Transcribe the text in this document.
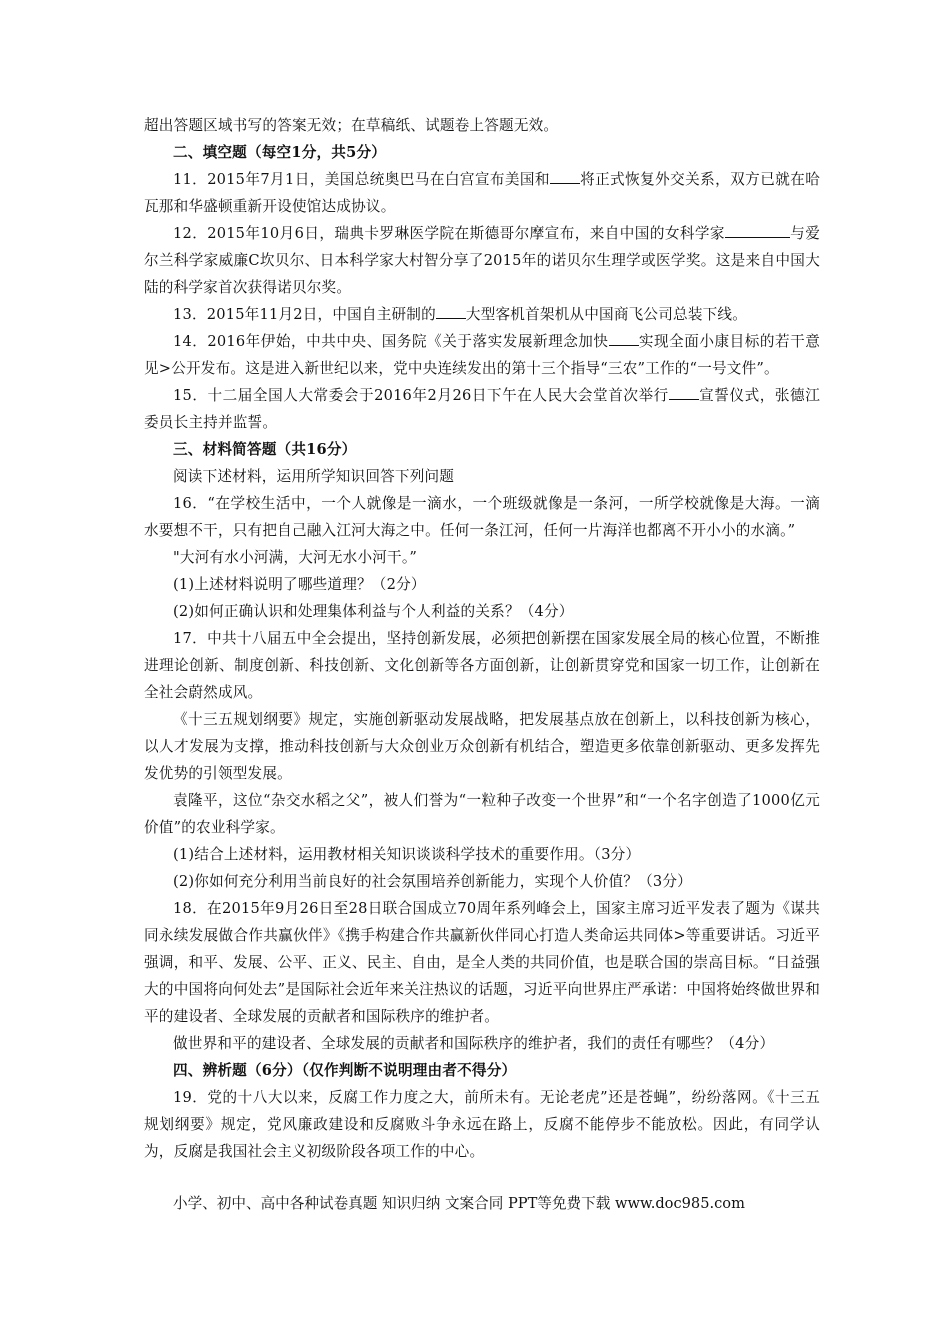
超出答题区域书写的答案无效；在草稿纸、试题卷上答题无效。

二、填空题（每空1分，共5分）

11．2015年7月1日，美国总统奥巴马在白宫宣布美国和 将正式恢复外交关系，双方已就在哈瓦那和华盛顿重新开设使馆达成协议。

12．2015年10月6日，瑞典卡罗琳医学院在斯德哥尔摩宣布，来自中国的女科学家	与爱尔兰科学家威廉C坎贝尔、日本科学家大村智分享了2015年的诺贝尔生理学或医学奖。这是来自中国大陆的科学家首次获得诺贝尔奖。

13．2015年11月2日，中国自主研制的 大型客机首架机从中国商飞公司总装下线。

14．2016年伊始，中共中央、国务院《关于落实发展新理念加快 实现全面小康目标的若干意见>公开发布。这是进入新世纪以来，党中央连续发出的第十三个指导“三农”工作的“一号文件”。

15．十二届全国人大常委会于2016年2月26日下午在人民大会堂首次举行 宣誓仪式，张德江委员长主持并监誓。

三、材料简答题（共16分）

阅读下述材料，运用所学知识回答下列问题

16．“在学校生活中，一个人就像是一滴水，一个班级就像是一条河，一所学校就像是大海。一滴水要想不干，只有把自己融入江河大海之中。任何一条江河，任何一片海洋也都离不开小小的水滴。”

"大河有水小河满，大河无水小河干。”

(1)上述材料说明了哪些道理？（2分）

(2)如何正确认识和处理集体利益与个人利益的关系？（4分）

17．中共十八届五中全会提出，坚持创新发展，必须把创新摆在国家发展全局的核心位置，不断推进理论创新、制度创新、科技创新、文化创新等各方面创新，让创新贯穿党和国家一切工作，让创新在全社会蔚然成风。

《十三五规划纲要》规定，实施创新驱动发展战略，把发展基点放在创新上，以科技创新为核心，以人才发展为支撑，推动科技创新与大众创业万众创新有机结合，塑造更多依靠创新驱动、更多发挥先发优势的引领型发展。

袁隆平，这位“杂交水稻之父”，被人们誉为“一粒种子改变一个世界”和“一个名字创造了1000亿元价值”的农业科学家。

(1)结合上述材料，运用教材相关知识谈谈科学技术的重要作用。（3分）

(2)你如何充分利用当前良好的社会氛围培养创新能力，实现个人价值？（3分）

18．在2015年9月26日至28日联合国成立70周年系列峰会上，国家主席习近平发表了题为《谋共同永续发展做合作共赢伙伴》《携手构建合作共赢新伙伴同心打造人类命运共同体>等重要讲话。习近平强调，和平、发展、公平、正义、民主、自由，是全人类的共同价值，也是联合国的崇高目标。“日益强大的中国将向何处去”是国际社会近年来关注热议的话题，习近平向世界庄严承诺：中国将始终做世界和平的建设者、全球发展的贡献者和国际秩序的维护者。

做世界和平的建设者、全球发展的贡献者和国际秩序的维护者，我们的责任有哪些？（4分）

四、辨析题（6分）（仅作判断不说明理由者不得分）

19．党的十八大以来，反腐工作力度之大，前所未有。无论老虎”还是苍蝇”，纷纷落网。《十三五规划纲要》规定，党风廉政建设和反腐败斗争永远在路上，反腐不能停步不能放松。因此，有同学认为，反腐是我国社会主义初级阶段各项工作的中心。

小学、初中、高中各种试卷真题 知识归纳 文案合同 PPT等免费下载 www.doc985.com
